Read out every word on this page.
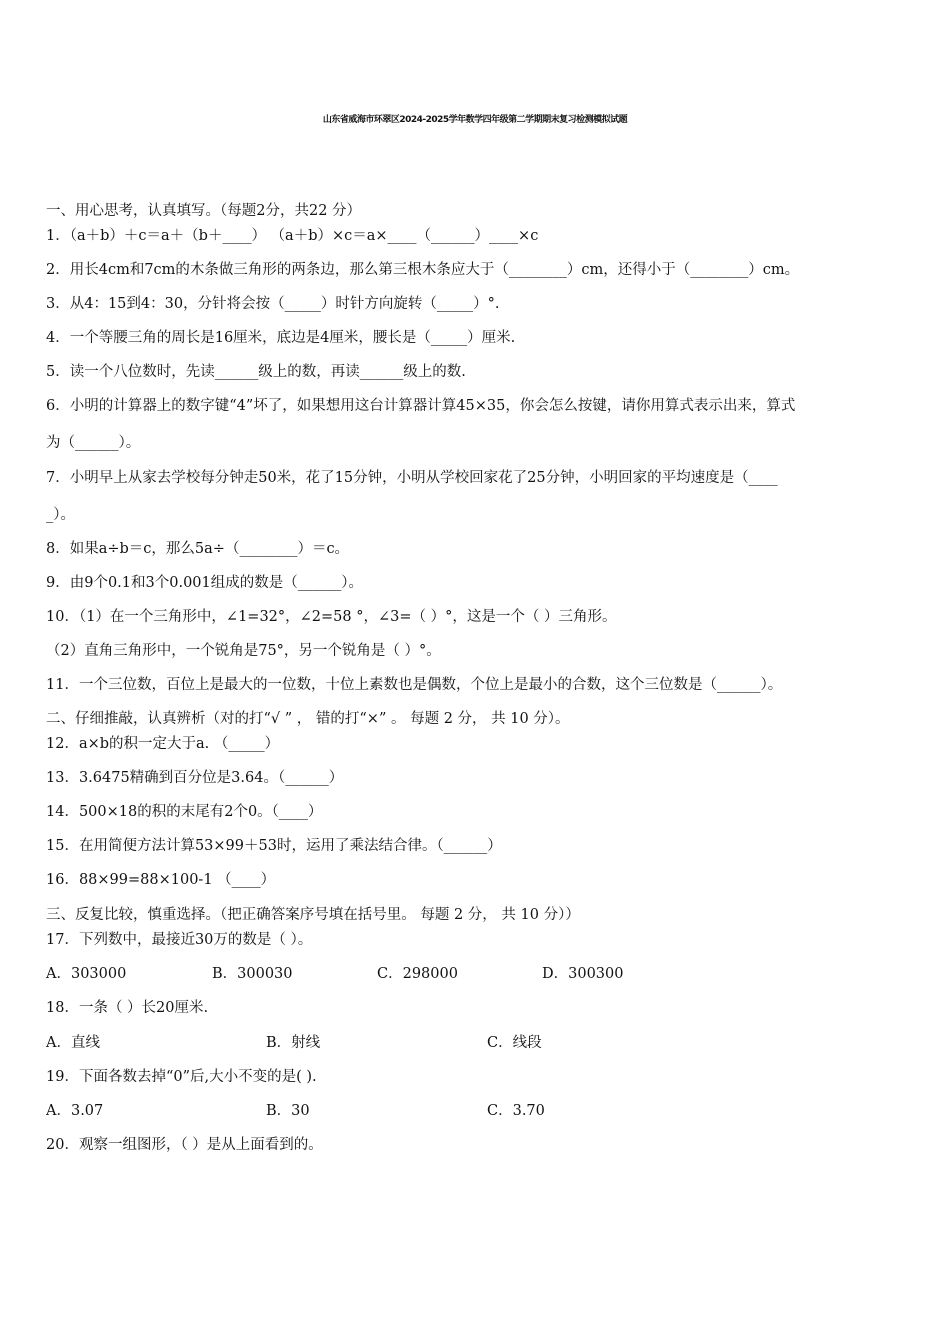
山东省威海市环翠区2024-2025学年数学四年级第二学期期末复习检测模拟试题
一、用心思考，认真填写。（每题2分，共22 分）
1．（a＋b）＋c＝a＋（b＋____） （a＋b）×c＝a×____（______）____×c
2．用长4cm和7cm的木条做三角形的两条边，那么第三根木条应大于（________）cm，还得小于（________）cm。
3．从4：15到4：30，分针将会按（_____）时针方向旋转（_____）°.
4．一个等腰三角的周长是16厘米，底边是4厘米，腰长是（_____）厘米.
5．读一个八位数时，先读______级上的数，再读______级上的数.
6．小明的计算器上的数字键“4”坏了，如果想用这台计算器计算45×35，你会怎么按键，请你用算式表示出来，算式
为（______）。
7．小明早上从家去学校每分钟走50米，花了15分钟，小明从学校回家花了25分钟，小明回家的平均速度是（____
_）。
8．如果a÷b＝c，那么5a÷（________）＝c。
9．由9个0.1和3个0.001组成的数是（______）。
10．（1）在一个三角形中，∠1=32°，∠2=58 °，∠3=（ ）°，这是一个（ ）三角形。
（2）直角三角形中，一个锐角是75°，另一个锐角是（ ）°。
11．一个三位数，百位上是最大的一位数，十位上素数也是偶数，个位上是最小的合数，这个三位数是（______）。
二、仔细推敲，认真辨析（对的打“√ ” ， 错的打“×” 。 每题 2 分， 共 10 分）。
12．a×b的积一定大于a. （_____）
13．3.6475精确到百分位是3.64。（______）
14．500×18的积的末尾有2个0。（____）
15．在用简便方法计算53×99＋53时，运用了乘法结合律。（______）
16．88×99=88×100-1 （____）
三、反复比较，慎重选择。（把正确答案序号填在括号里。 每题 2 分， 共 10 分））
17．下列数中，最接近30万的数是（ ）。
A．303000	B．300030	C．298000	D．300300
18．一条（ ）长20厘米.
A．直线	B．射线	C．线段
19．下面各数去掉“0”后,大小不变的是( ).
A．3.07	B．30	C．3.70
20．观察一组图形，（ ）是从上面看到的。
